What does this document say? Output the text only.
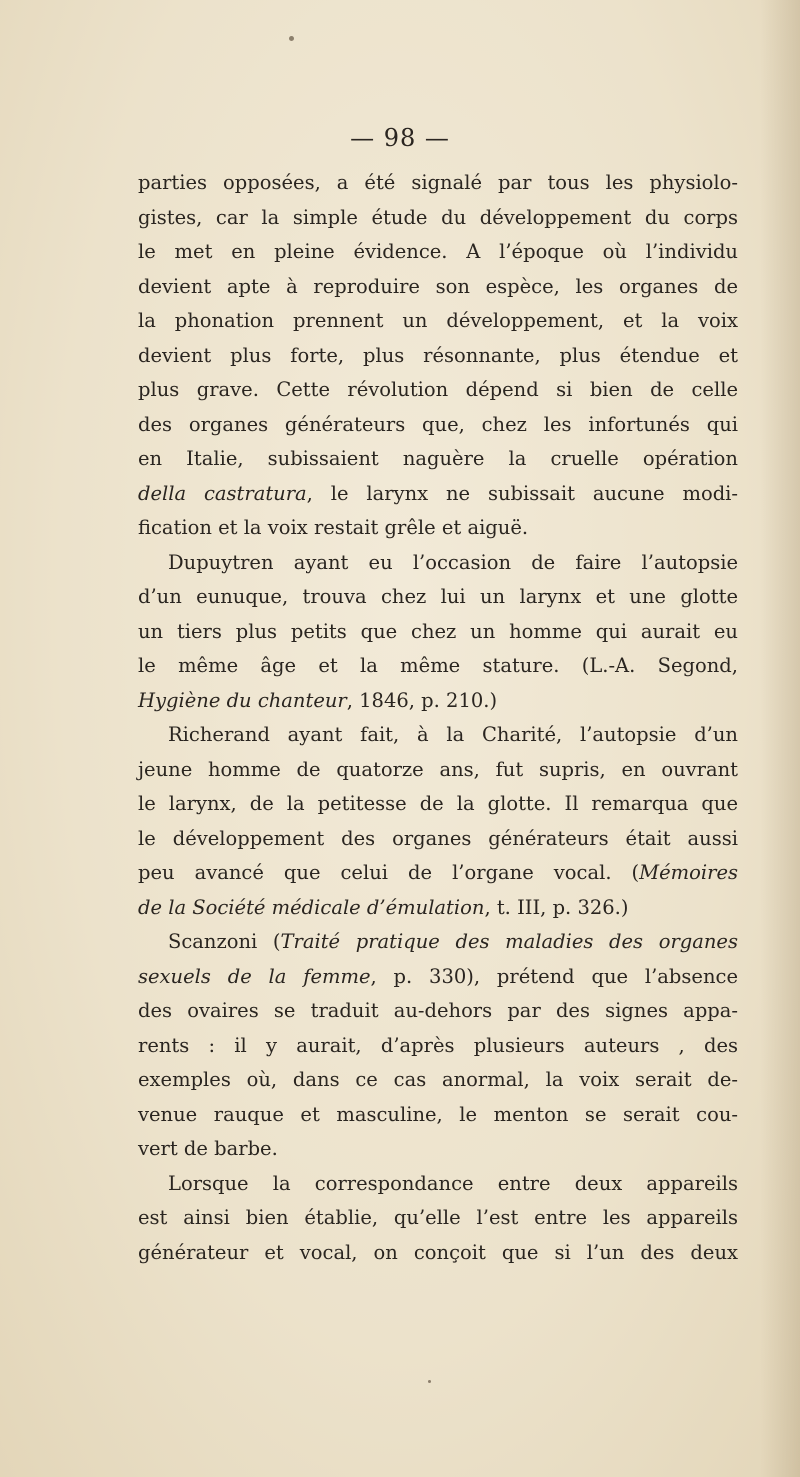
— 98 —
parties opposées, a été signalé par tous les physiolo-
gistes, car la simple étude du développement du corps
le met en pleine évidence. A l’époque où l’individu
devient apte à reproduire son espèce, les organes de
la phonation prennent un développement, et la voix
devient plus forte, plus résonnante, plus étendue et
plus grave. Cette révolution dépend si bien de celle
des organes générateurs que, chez les infortunés qui
en Italie, subissaient naguère la cruelle opération
della castratura, le larynx ne subissait aucune modi-
fication et la voix restait grêle et aiguë.
Dupuytren ayant eu l’occasion de faire l’autopsie
d’un eunuque, trouva chez lui un larynx et une glotte
un tiers plus petits que chez un homme qui aurait eu
le même âge et la même stature. (L.-A. Segond,
Hygiène du chanteur, 1846, p. 210.)
Richerand ayant fait, à la Charité, l’autopsie d’un
jeune homme de quatorze ans, fut supris, en ouvrant
le larynx, de la petitesse de la glotte. Il remarqua que
le développement des organes générateurs était aussi
peu avancé que celui de l’organe vocal. (Mémoires
de la Société médicale d’émulation, t. III, p. 326.)
Scanzoni (Traité pratique des maladies des organes
sexuels de la femme, p. 330), prétend que l’absence
des ovaires se traduit au-dehors par des signes appa-
rents : il y aurait, d’après plusieurs auteurs , des
exemples où, dans ce cas anormal, la voix serait de-
venue rauque et masculine, le menton se serait cou-
vert de barbe.
Lorsque la correspondance entre deux appareils
est ainsi bien établie, qu’elle l’est entre les appareils
générateur et vocal, on conçoit que si l’un des deux
